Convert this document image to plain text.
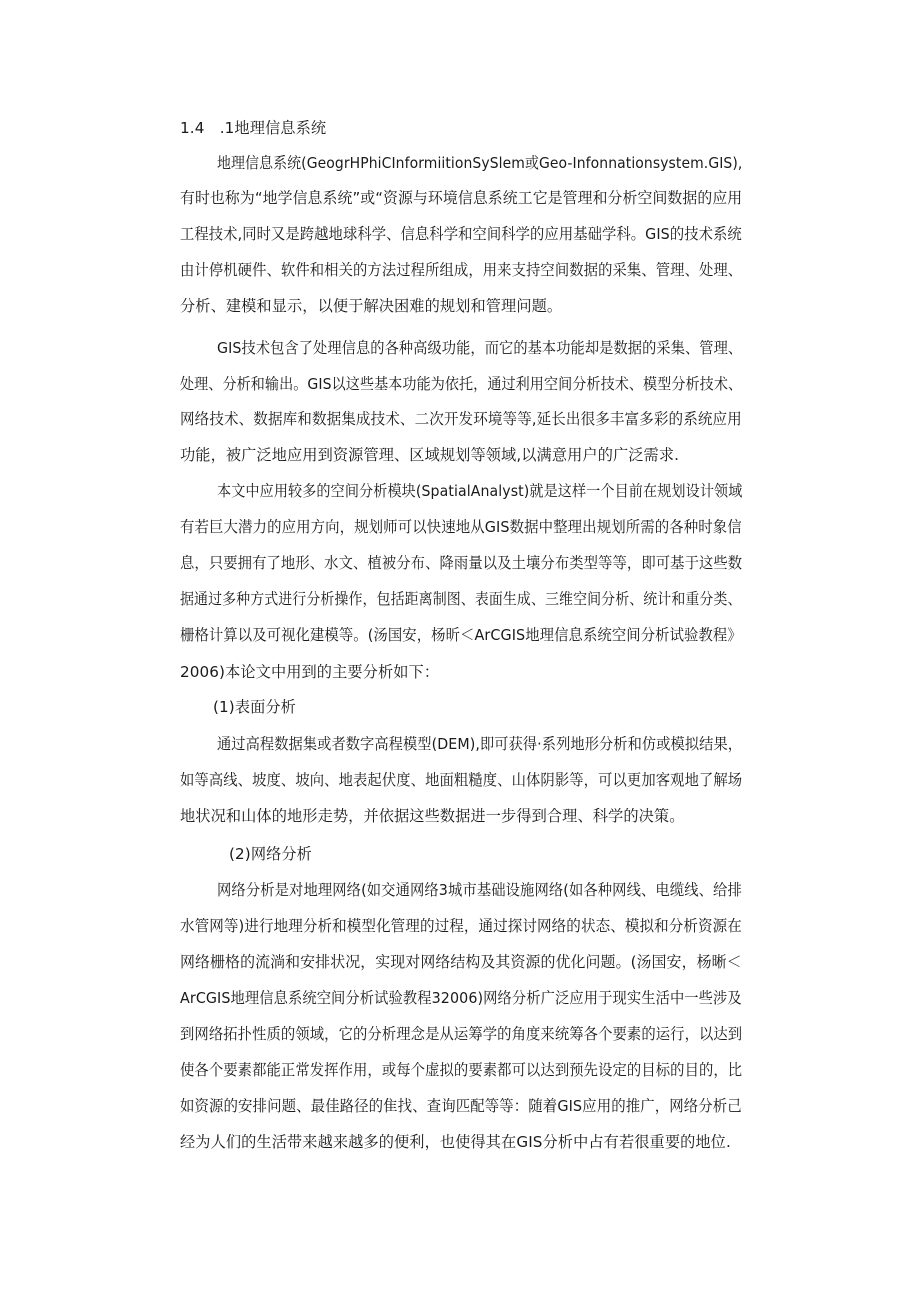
1.4　.1地理信息系统
地理信息系统(GeogrHPhiCInformiitionSySlem或Geo-Infonnationsystem.GIS),
有时也称为“地学信息系统”或“资源与环境信息系统工它是管理和分析空间数据的应用
工程技术,同时又是跨越地球科学、信息科学和空间科学的应用基础学科。GIS的技术系统
由计停机硬件、软件和相关的方法过程所组成，用来支持空间数据的采集、管理、处理、
分析、建模和显示，以便于解决困难的规划和管理问题。
GIS技术包含了处理信息的各种高级功能，而它的基本功能却是数据的采集、管理、
处理、分析和输出。GIS以这些基本功能为依托，通过利用空间分析技术、模型分析技术、
网络技术、数据库和数据集成技术、二次开发环境等等,延长出很多丰富多彩的系统应用
功能，被广泛地应用到资源管理、区域规划等领域,以满意用户的广泛需求.
本文中应用较多的空间分析模块(SpatialAnalyst)就是这样一个目前在规划设计领域
有若巨大潜力的应用方向，规划师可以快速地从GIS数据中整理出规划所需的各种时象信
息，只要拥有了地形、水文、植被分布、降雨量以及土壤分布类型等等，即可基于这些数
据通过多种方式进行分析操作，包括距离制图、表面生成、三维空间分析、统计和重分类、
栅格计算以及可视化建模等。(汤国安，杨昕＜ArCGIS地理信息系统空间分析试验教程》
2006)本论文中用到的主要分析如下：
(1)表面分析
通过高程数据集或者数字高程模型(DEM),即可获得·系列地形分析和仿或模拟结果，
如等高线、坡度、坡向、地表起伏度、地面粗糙度、山体阴影等，可以更加客观地了解场
地状况和山体的地形走势，并依据这些数据进一步得到合理、科学的决策。
(2)网络分析
网络分析是对地理网络(如交通网络3城市基础设施网络(如各种网线、电缆线、给排
水管网等)进行地理分析和模型化管理的过程，通过探讨网络的状态、模拟和分析资源在
网络栅格的流淌和安排状况，实现对网络结构及其资源的优化问题。(汤国安，杨晰＜
ArCGIS地理信息系统空间分析试验教程32006)网络分析广泛应用于现实生活中一些涉及
到网络拓扑性质的领域，它的分析理念是从运筹学的角度来统筹各个要素的运行，以达到
使各个要素都能正常发挥作用，或每个虚拟的要素都可以达到预先设定的目标的目的，比
如资源的安排问题、最佳路径的隹找、查询匹配等等：随着GIS应用的推广，网络分析己
经为人们的生活带来越来越多的便利，也使得其在GIS分析中占有若很重要的地位.
